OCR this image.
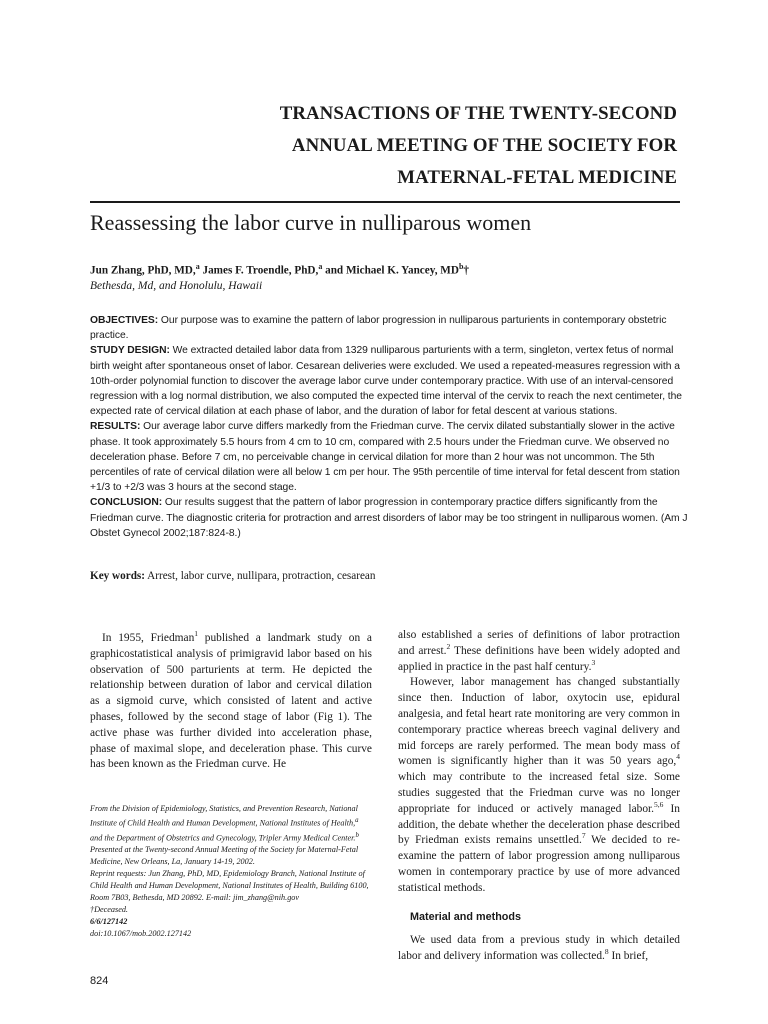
TRANSACTIONS OF THE TWENTY-SECOND
ANNUAL MEETING OF THE SOCIETY FOR
MATERNAL-FETAL MEDICINE
Reassessing the labor curve in nulliparous women
Jun Zhang, PhD, MD,$^a$ James F. Troendle, PhD,$^a$ and Michael K. Yancey, $MD^b\dagger$
Bethesda, Md, and Honolulu, Hawaii

OBJECTIVES: Our purpose was to examine the pattern of labor progression in nulliparous parturients in contemporary obstetric practice.

STUDY DESIGN: We extracted detailed labor data from 1329 nulliparous parturients with a term, singleton, vertex fetus of normal birth weight after spontaneous onset of labor. Cesarean deliveries were excluded. We used a repeated-measures regression with a 10th-order polynomial function to discover the average labor curve under contemporary practice. With use of an interval-censored regression with a log normal distribution, we also computed the expected time interval of the cervix to reach the next centimeter, the expected rate of cervical dilation at each phase of labor, and the duration of labor for fetal descent at various stations.

RESULTS: Our average labor curve differs markedly from the Friedman curve. The cervix dilated substantially slower in the active phase. It took approximately 5.5 hours from 4 cm to 10 cm, compared with 2.5 hours under the Friedman curve. We observed no deceleration phase. Before 7 cm, no perceivable change in cervical dilation for more than 2 hour was not uncommon. The 5th percentiles of rate of cervical dilation were all below 1 cm per hour. The 95th percentile of time interval for fetal descent from station +1/3 to +2/3 was 3 hours at the second stage.

CONCLUSION: Our results suggest that the pattern of labor progression in contemporary practice differs significantly from the Friedman curve. The diagnostic criteria for protraction and arrest disorders of labor may be too stringent in nulliparous women. (Am J Obstet Gynecol 2002;187:824-8.)

Key words: Arrest, labor curve, nullipara, protraction, cesarean

In 1955, Friedman$^1$ published a landmark study on a graphicostatistical analysis of primigravid labor based on his observation of 500 parturients at term. He depicted the relationship between duration of labor and cervical dilation as a sigmoid curve, which consisted of latent and active phases, followed by the second stage of labor (Fig 1). The active phase was further divided into acceleration phase, phase of maximal slope, and deceleration phase. This curve has been known as the Friedman curve. He

From the Division of Epidemiology, Statistics, and Prevention Research, National Institute of Child Health and Human Development, National Institutes of Health,$^a$ and the Department of Obstetrics and Gynecology, Tripler Army Medical Center.$^b$

Presented at the Twenty-second Annual Meeting of the Society for Maternal-Fetal Medicine, New Orleans, La, January 14-19, 2002.

Reprint requests: Jun Zhang, PhD, MD, Epidemiology Branch, National Institute of Child Health and Human Development, National Institutes of Health, Building 6100, Room 7B03, Bethesda, MD 20892. E-mail: jim_zhang@nih.gov

†Deceased.

6/6/127142

doi:10.1067/mob.2002.127142

also established a series of definitions of labor protraction and arrest.$^2$ These definitions have been widely adopted and applied in practice in the past half century.$^3$

However, labor management has changed substantially since then. Induction of labor, oxytocin use, epidural analgesia, and fetal heart rate monitoring are very common in contemporary practice whereas breech vaginal delivery and mid forceps are rarely performed. The mean body mass of women is significantly higher than it was 50 years ago,$^4$ which may contribute to the increased fetal size. Some studies suggested that the Friedman curve was no longer appropriate for induced or actively managed labor.$^{5,6}$ In addition, the debate whether the deceleration phase described by Friedman exists remains unsettled.$^7$ We decided to re-examine the pattern of labor progression among nulliparous women in contemporary practice by use of more advanced statistical methods.

Material and methods

We used data from a previous study in which detailed labor and delivery information was collected.$^8$ In brief,

824
